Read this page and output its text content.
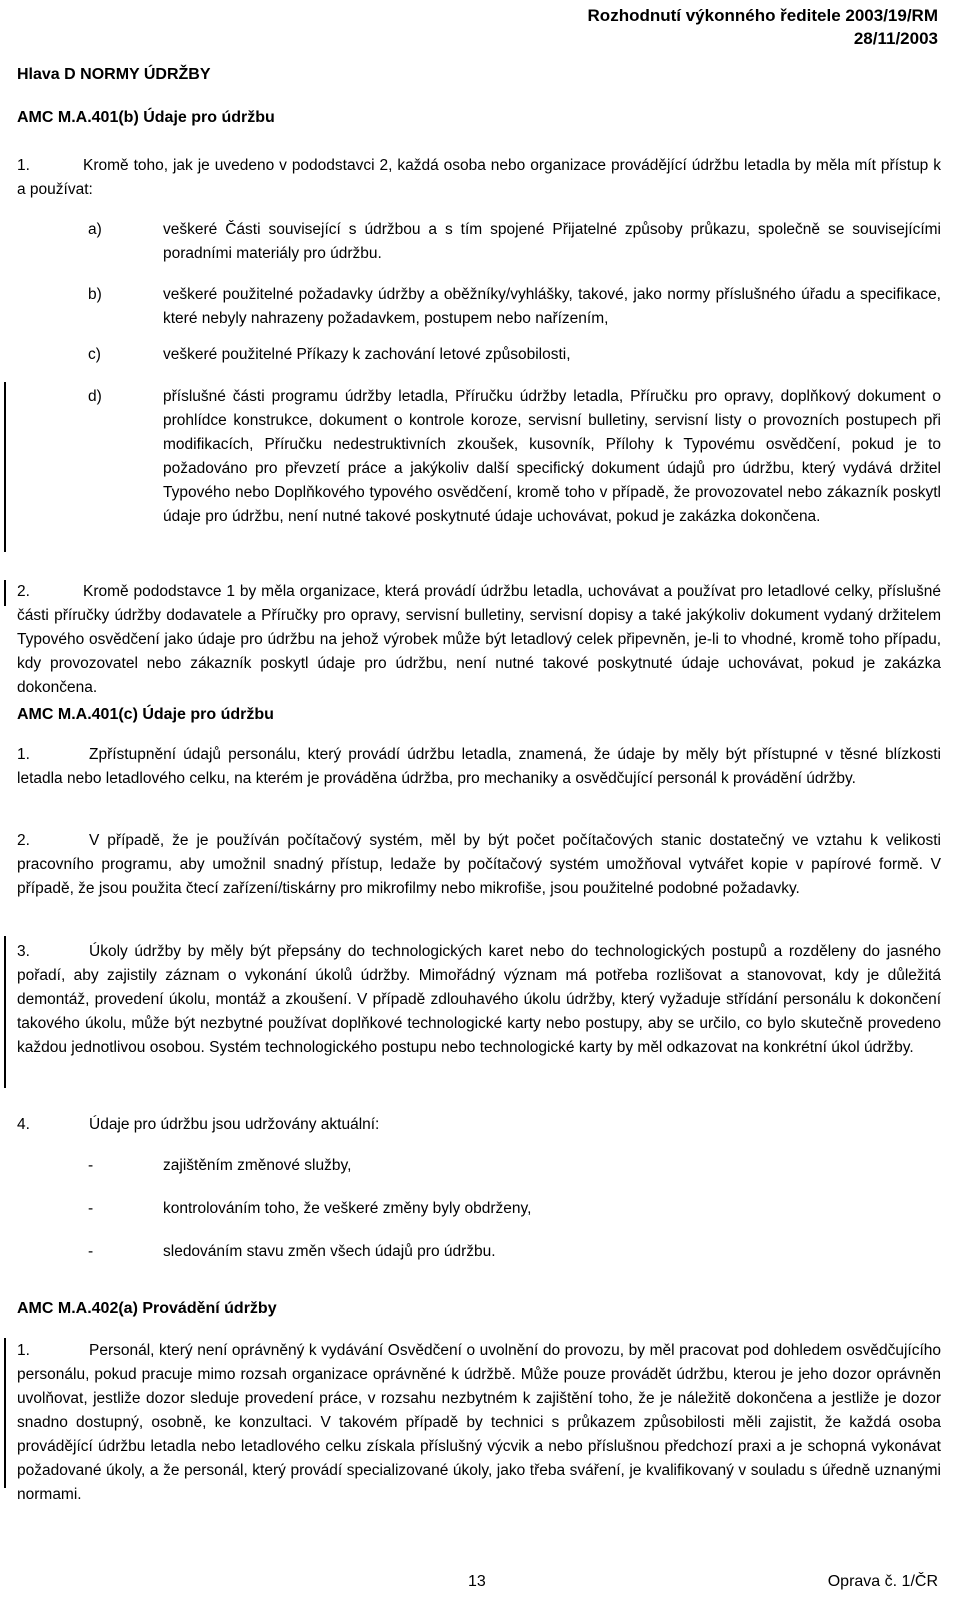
Rozhodnutí výkonného ředitele 2003/19/RM
28/11/2003
Hlava D NORMY ÚDRŽBY
AMC M.A.401(b) Údaje pro údržbu
1.	Kromě toho, jak je uvedeno v pododstavci 2, každá osoba nebo organizace provádějící údržbu letadla by měla mít přístup k a používat:
a)	veškeré Části související s údržbou a s tím spojené Přijatelné způsoby průkazu, společně se souvisejícími poradními materiály pro údržbu.
b)	veškeré použitelné požadavky údržby a oběžníky/vyhlášky, takové, jako normy příslušného úřadu a specifikace, které nebyly nahrazeny požadavkem, postupem nebo nařízením,
c)	veškeré použitelné Příkazy k zachování letové způsobilosti,
d)	příslušné části programu údržby letadla, Příručku údržby letadla, Příručku pro opravy, doplňkový dokument o prohlídce konstrukce, dokument o kontrole koroze, servisní bulletiny, servisní listy o provozních postupech při modifikacích, Příručku nedestruktivních zkoušek, kusovník, Přílohy k Typovému osvědčení, pokud je to požadováno pro převzetí práce a jakýkoliv další specifický dokument údajů pro údržbu, který vydává držitel Typového nebo Doplňkového typového osvědčení, kromě toho v případě, že provozovatel nebo zákazník poskytl údaje pro údržbu, není nutné takové poskytnuté údaje uchovávat, pokud je zakázka dokončena.
2.	Kromě pododstavce 1 by měla organizace, která provádí údržbu letadla, uchovávat a používat pro letadlové celky, příslušné části příručky údržby dodavatele a Příručky pro opravy, servisní bulletiny, servisní dopisy a také jakýkoliv dokument vydaný držitelem Typového osvědčení jako údaje pro údržbu na jehož výrobek může být letadlový celek připevněn, je-li to vhodné, kromě toho případu, kdy provozovatel nebo zákazník poskytl údaje pro údržbu, není nutné takové poskytnuté údaje uchovávat, pokud je zakázka dokončena.
AMC M.A.401(c) Údaje pro údržbu
1.	Zpřístupnění údajů personálu, který provádí údržbu letadla, znamená, že údaje by měly být přístupné v těsné blízkosti letadla nebo letadlového celku, na kterém je prováděna údržba, pro mechaniky a osvědčující personál k provádění údržby.
2.	V případě, že je používán počítačový systém, měl by být počet počítačových stanic dostatečný ve vztahu k velikosti pracovního programu, aby umožnil snadný přístup, ledaže by počítačový systém umožňoval vytvářet kopie v papírové formě. V případě, že jsou použita čtecí zařízení/tiskárny pro mikrofilmy nebo mikrofiše, jsou použitelné podobné požadavky.
3.	Úkoly údržby by měly být přepsány do technologických karet nebo do technologických postupů a rozděleny do jasného pořadí, aby zajistily záznam o vykonání úkolů údržby. Mimořádný význam má potřeba rozlišovat a stanovovat, kdy je důležitá demontáž, provedení úkolu, montáž a zkoušení. V případě zdlouhavého úkolu údržby, který vyžaduje střídání personálu k dokončení takového úkolu, může být nezbytné používat doplňkové technologické karty nebo postupy, aby se určilo, co bylo skutečně provedeno každou jednotlivou osobou. Systém technologického postupu nebo technologické karty by měl odkazovat na konkrétní úkol údržby.
4.	Údaje pro údržbu jsou udržovány aktuální:
-	zajištěním změnové služby,
-	kontrolováním toho, že veškeré změny byly obdrženy,
-	sledováním stavu změn všech údajů pro údržbu.
AMC M.A.402(a) Provádění údržby
1.	Personál, který není oprávněný k vydávání Osvědčení o uvolnění do provozu, by měl pracovat pod dohledem osvědčujícího personálu, pokud pracuje mimo rozsah organizace oprávněné k údržbě. Může pouze provádět údržbu, kterou je jeho dozor oprávněn uvolňovat, jestliže dozor sleduje provedení práce, v rozsahu nezbytném k zajištění toho, že je náležitě dokončena a jestliže je dozor snadno dostupný, osobně, ke konzultaci. V takovém případě by technici s průkazem způsobilosti měli zajistit, že každá osoba provádějící údržbu letadla nebo letadlového celku získala příslušný výcvik a nebo příslušnou předchozí praxi a je schopná vykonávat požadované úkoly, a že personál, který provádí specializované úkoly, jako třeba sváření, je kvalifikovaný v souladu s úředně uznanými normami.
13	Oprava č. 1/ČR
